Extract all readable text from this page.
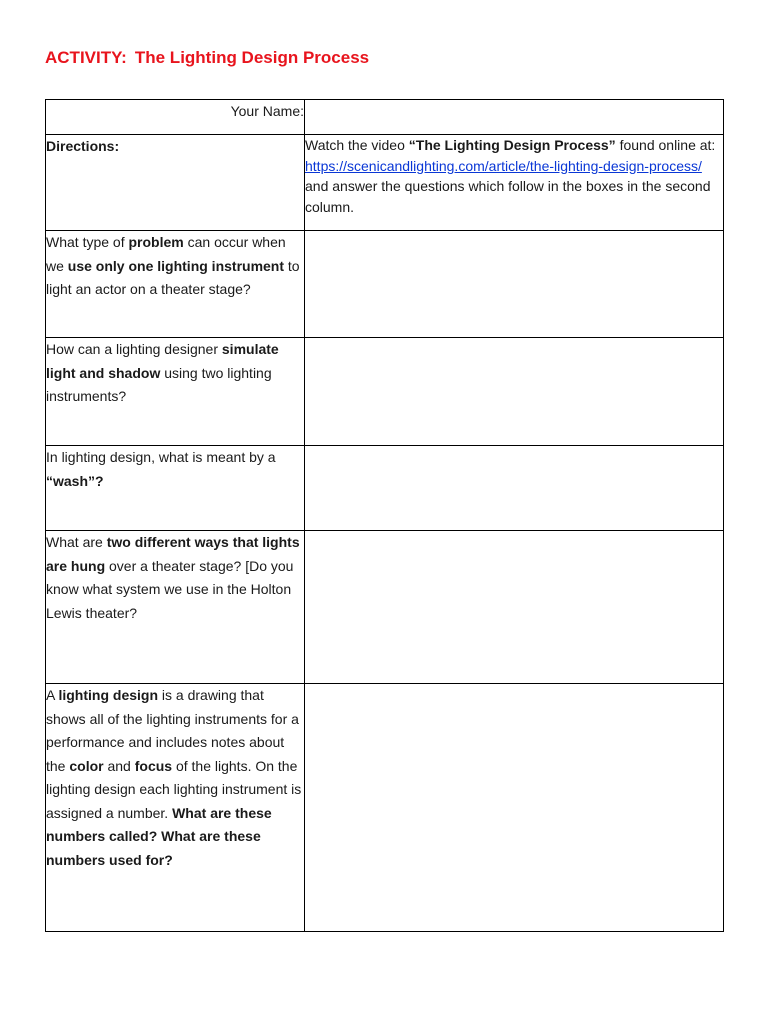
ACTIVITY: The Lighting Design Process
Your Name:	
Directions:	Watch the video “The Lighting Design Process” found online at: https://scenicandlighting.com/article/the-lighting-design-process/ and answer the questions which follow in the boxes in the second column.
What type of problem can occur when we use only one lighting instrument to light an actor on a theater stage?	
How can a lighting designer simulate light and shadow using two lighting instruments?	
In lighting design, what is meant by a “wash”?	
What are two different ways that lights are hung over a theater stage? [Do you know what system we use in the Holton Lewis theater?	
A lighting design is a drawing that shows all of the lighting instruments for a performance and includes notes about the color and focus of the lights. On the lighting design each lighting instrument is assigned a number. What are these numbers called? What are these numbers used for?	
